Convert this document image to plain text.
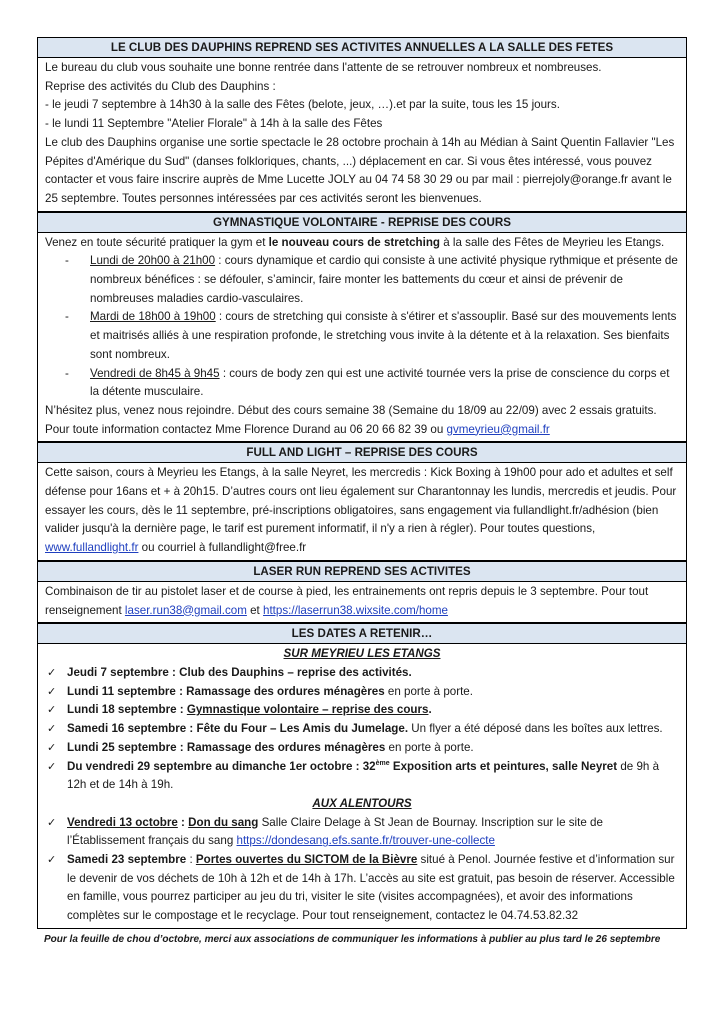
LE CLUB DES DAUPHINS REPREND SES ACTIVITES ANNUELLES A LA SALLE DES FETES

Le bureau du club vous souhaite une bonne rentrée dans l'attente de se retrouver nombreux et nombreuses.

Reprise des activités du Club des Dauphins :

- le jeudi 7 septembre à 14h30 à la salle des Fêtes (belote, jeux, …).et par la suite, tous les 15 jours.

- le lundi 11 Septembre "Atelier Florale" à 14h à la salle des Fêtes

Le club des Dauphins organise une sortie spectacle le 28 octobre prochain à 14h au Médian à Saint Quentin Fallavier "Les Pépites d'Amérique du Sud" (danses folkloriques, chants, ...) déplacement en car. Si vous êtes intéressé, vous pouvez contacter et vous faire inscrire auprès de Mme Lucette JOLY au 04 74 58 30 29 ou par mail : pierrejoly@orange.fr avant le 25 septembre. Toutes personnes intéressées par ces activités seront les bienvenues.

GYMNASTIQUE VOLONTAIRE - REPRISE DES COURS

Venez en toute sécurité pratiquer la gym et le nouveau cours de stretching à la salle des Fêtes de Meyrieu les Etangs.

- Lundi de 20h00 à 21h00 : cours dynamique et cardio qui consiste à une activité physique rythmique et présente de nombreux bénéfices : se défouler, s’amincir, faire monter les battements du cœur et ainsi de prévenir de nombreuses maladies cardio-vasculaires.
- Mardi de 18h00 à 19h00 : cours de stretching qui consiste à s'étirer et s'assouplir. Basé sur des mouvements lents et maitrisés alliés à une respiration profonde, le stretching vous invite à la détente et à la relaxation. Ses bienfaits sont nombreux.
- Vendredi de 8h45 à 9h45 : cours de body zen qui est une activité tournée vers la prise de conscience du corps et la détente musculaire.

N’hésitez plus, venez nous rejoindre. Début des cours semaine 38 (Semaine du 18/09 au 22/09) avec 2 essais gratuits. Pour toute information contactez Mme Florence Durand au 06 20 66 82 39 ou gvmeyrieu@gmail.fr

FULL AND LIGHT – REPRISE DES COURS

Cette saison, cours à Meyrieu les Etangs, à la salle Neyret, les mercredis : Kick Boxing à 19h00 pour ado et adultes et self défense pour 16ans et + à 20h15. D’autres cours ont lieu également sur Charantonnay les lundis, mercredis et jeudis. Pour essayer les cours, dès le 11 septembre, pré-inscriptions obligatoires, sans engagement via fullandlight.fr/adhésion (bien valider jusqu'à la dernière page, le tarif est purement informatif, il n'y a rien à régler). Pour toutes questions, www.fullandlight.fr ou courriel à fullandlight@free.fr

LASER RUN REPREND SES ACTIVITES

Combinaison de tir au pistolet laser et de course à pied, les entrainements ont repris depuis le 3 septembre. Pour tout renseignement laser.run38@gmail.com et https://laserrun38.wixsite.com/home

LES DATES A RETENIR…
SUR MEYRIEU LES ETANGS
✓ Jeudi 7 septembre : Club des Dauphins – reprise des activités.
✓ Lundi 11 septembre : Ramassage des ordures ménagères en porte à porte.
✓ Lundi 18 septembre : Gymnastique volontaire – reprise des cours.
✓ Samedi 16 septembre : Fête du Four – Les Amis du Jumelage. Un flyer a été déposé dans les boîtes aux lettres.
✓ Lundi 25 septembre : Ramassage des ordures ménagères en porte à porte.
✓ Du vendredi 29 septembre au dimanche 1er octobre : 32ème Exposition arts et peintures, salle Neyret de 9h à 12h et de 14h à 19h.
AUX ALENTOURS
✓ Vendredi 13 octobre : Don du sang Salle Claire Delage à St Jean de Bournay. Inscription sur le site de l’Établissement français du sang https://dondesang.efs.sante.fr/trouver-une-collecte
✓ Samedi 23 septembre : Portes ouvertes du SICTOM de la Bièvre situé à Penol. Journée festive et d’information sur le devenir de vos déchets de 10h à 12h et de 14h à 17h. L’accès au site est gratuit, pas besoin de réserver. Accessible en famille, vous pourrez participer au jeu du tri, visiter le site (visites accompagnées), et avoir des informations complètes sur le compostage et le recyclage. Pour tout renseignement, contactez le 04.74.53.82.32
Pour la feuille de chou d’octobre, merci aux associations de communiquer les informations à publier au plus tard le 26 septembre
